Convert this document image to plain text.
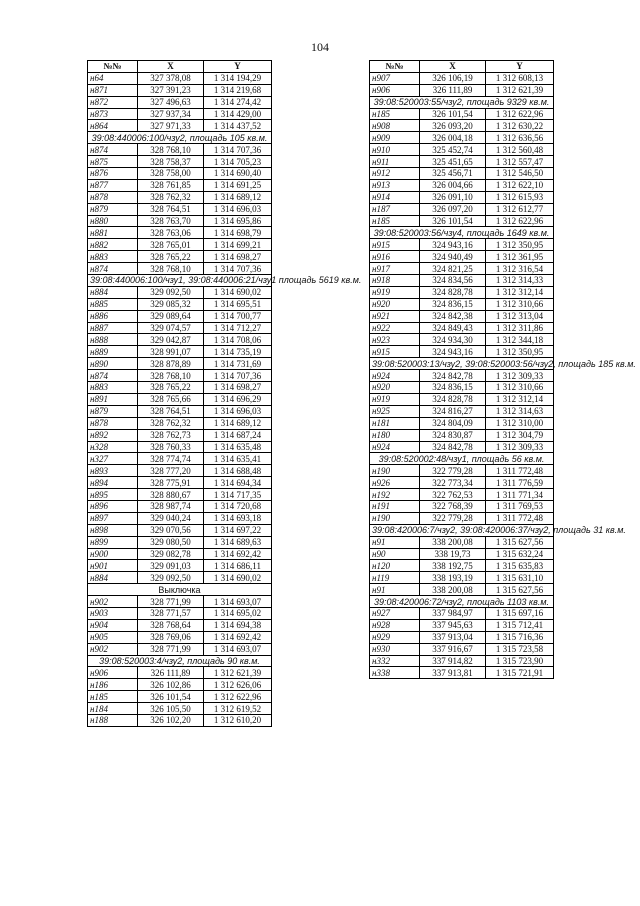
104
№№	X	Y
н64	327 378,08	1 314 194,29
н871	327 391,23	1 314 219,68
н872	327 496,63	1 314 274,42
н873	327 937,34	1 314 429,00
н864	327 971,33	1 314 437,52
39:08:440006:100/чзу2, площадь 105 кв.м.		
н874	328 768,10	1 314 707,36
н875	328 758,37	1 314 705,23
н876	328 758,00	1 314 690,40
н877	328 761,85	1 314 691,25
н878	328 762,32	1 314 689,12
н879	328 764,51	1 314 696,03
н880	328 763,70	1 314 695,86
н881	328 763,06	1 314 698,79
н882	328 765,01	1 314 699,21
н883	328 765,22	1 314 698,27
н874	328 768,10	1 314 707,36
39:08:440006:100/чзу1, 39:08:440006:21/чзу1 площадь 5619 кв.м.		
н884	329 092,50	1 314 690,02
н885	329 085,32	1 314 695,51
н886	329 089,64	1 314 700,77
н887	329 074,57	1 314 712,27
н888	329 042,87	1 314 708,06
н889	328 991,07	1 314 735,19
н890	328 878,89	1 314 731,69
н874	328 768,10	1 314 707,36
н883	328 765,22	1 314 698,27
н891	328 765,66	1 314 696,29
н879	328 764,51	1 314 696,03
н878	328 762,32	1 314 689,12
н892	328 762,73	1 314 687,24
н328	328 760,33	1 314 635,48
н327	328 774,74	1 314 635,41
н893	328 777,20	1 314 688,48
н894	328 775,91	1 314 694,34
н895	328 880,67	1 314 717,35
н896	328 987,74	1 314 720,68
н897	329 040,24	1 314 693,18
н898	329 070,56	1 314 697,22
н899	329 080,50	1 314 689,63
н900	329 082,78	1 314 692,42
н901	329 091,03	1 314 686,11
н884	329 092,50	1 314 690,02
Выключка		
н902	328 771,99	1 314 693,07
н903	328 771,57	1 314 695,02
н904	328 768,64	1 314 694,38
н905	328 769,06	1 314 692,42
н902	328 771,99	1 314 693,07
39:08:520003:4/чзу2, площадь 90 кв.м.		
н906	326 111,89	1 312 621,39
н186	326 102,86	1 312 626,06
н185	326 101,54	1 312 622,96
н184	326 105,50	1 312 619,52
н188	326 102,20	1 312 610,20
№№	X	Y
н907	326 106,19	1 312 608,13
н906	326 111,89	1 312 621,39
39:08:520003:55/чзу2, площадь 9329 кв.м.		
н185	326 101,54	1 312 622,96
н908	326 093,20	1 312 630,22
н909	326 004,18	1 312 636,56
н910	325 452,74	1 312 560,48
н911	325 451,65	1 312 557,47
н912	325 456,71	1 312 546,50
н913	326 004,66	1 312 622,10
н914	326 091,10	1 312 615,93
н187	326 097,20	1 312 612,77
н185	326 101,54	1 312 622,96
39:08:520003:56/чзу4, площадь 1649 кв.м.		
н915	324 943,16	1 312 350,95
н916	324 940,49	1 312 361,95
н917	324 821,25	1 312 316,54
н918	324 834,56	1 312 314,33
н919	324 828,78	1 312 312,14
н920	324 836,15	1 312 310,66
н921	324 842,38	1 312 313,04
н922	324 849,43	1 312 311,86
н923	324 934,30	1 312 344,18
н915	324 943,16	1 312 350,95
39:08:520003:13/чзу2, 39:08:520003:56/чзу2, площадь 185 кв.м.		
н924	324 842,78	1 312 309,33
н920	324 836,15	1 312 310,66
н919	324 828,78	1 312 312,14
н925	324 816,27	1 312 314,63
н181	324 804,09	1 312 310,00
н180	324 830,87	1 312 304,79
н924	324 842,78	1 312 309,33
39:08:520002:48/чзу1, площадь 56 кв.м.		
н190	322 779,28	1 311 772,48
н926	322 773,34	1 311 776,59
н192	322 762,53	1 311 771,34
н191	322 768,39	1 311 769,53
н190	322 779,28	1 311 772,48
39:08:420006:7/чзу2, 39:08:420006:37/чзу2, площадь 31 кв.м.		
н91	338 200,08	1 315 627,56
н90	338 19,73	1 315 632,24
н120	338 192,75	1 315 635,83
н119	338 193,19	1 315 631,10
н91	338 200,08	1 315 627,56
39:08:420006:72/чзу2, площадь 1103 кв.м.		
н927	337 984,97	1 315 697,16
н928	337 945,63	1 315 712,41
н929	337 913,04	1 315 716,36
н930	337 916,67	1 315 723,58
н332	337 914,82	1 315 723,90
н338	337 913,81	1 315 721,91
